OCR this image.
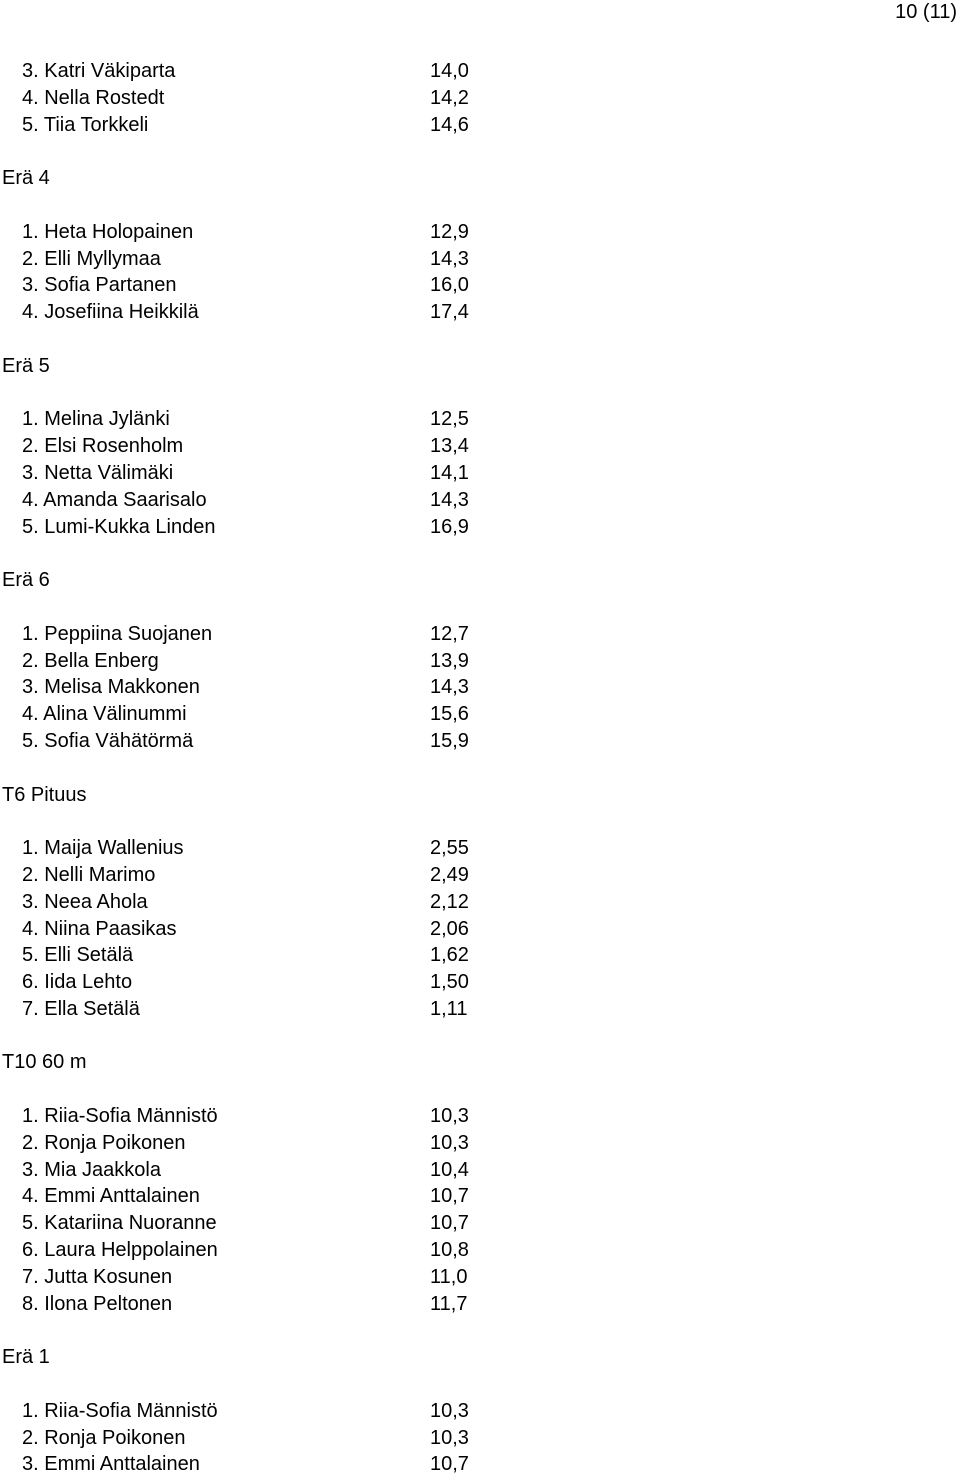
10 (11)
3. Katri Väkiparta	14,0
4. Nella Rostedt	14,2
5. Tiia Torkkeli	14,6
Erä 4
1. Heta Holopainen	12,9
2. Elli Myllymaa	14,3
3. Sofia Partanen	16,0
4. Josefiina Heikkilä	17,4
Erä 5
1. Melina Jylänki	12,5
2. Elsi Rosenholm	13,4
3. Netta Välimäki	14,1
4. Amanda Saarisalo	14,3
5. Lumi-Kukka Linden	16,9
Erä 6
1. Peppiina Suojanen	12,7
2. Bella Enberg	13,9
3. Melisa Makkonen	14,3
4. Alina Välinummi	15,6
5. Sofia Vähätörmä	15,9
T6 Pituus
1. Maija Wallenius	2,55
2. Nelli Marimo	2,49
3. Neea Ahola	2,12
4. Niina Paasikas	2,06
5. Elli Setälä	1,62
6. Iida Lehto	1,50
7. Ella Setälä	1,11
T10 60 m
1. Riia-Sofia Männistö	10,3
2. Ronja Poikonen	10,3
3. Mia Jaakkola	10,4
4. Emmi Anttalainen	10,7
5. Katariina Nuoranne	10,7
6. Laura Helppolainen	10,8
7. Jutta Kosunen	11,0
8. Ilona Peltonen	11,7
Erä 1
1. Riia-Sofia Männistö	10,3
2. Ronja Poikonen	10,3
3. Emmi Anttalainen	10,7
